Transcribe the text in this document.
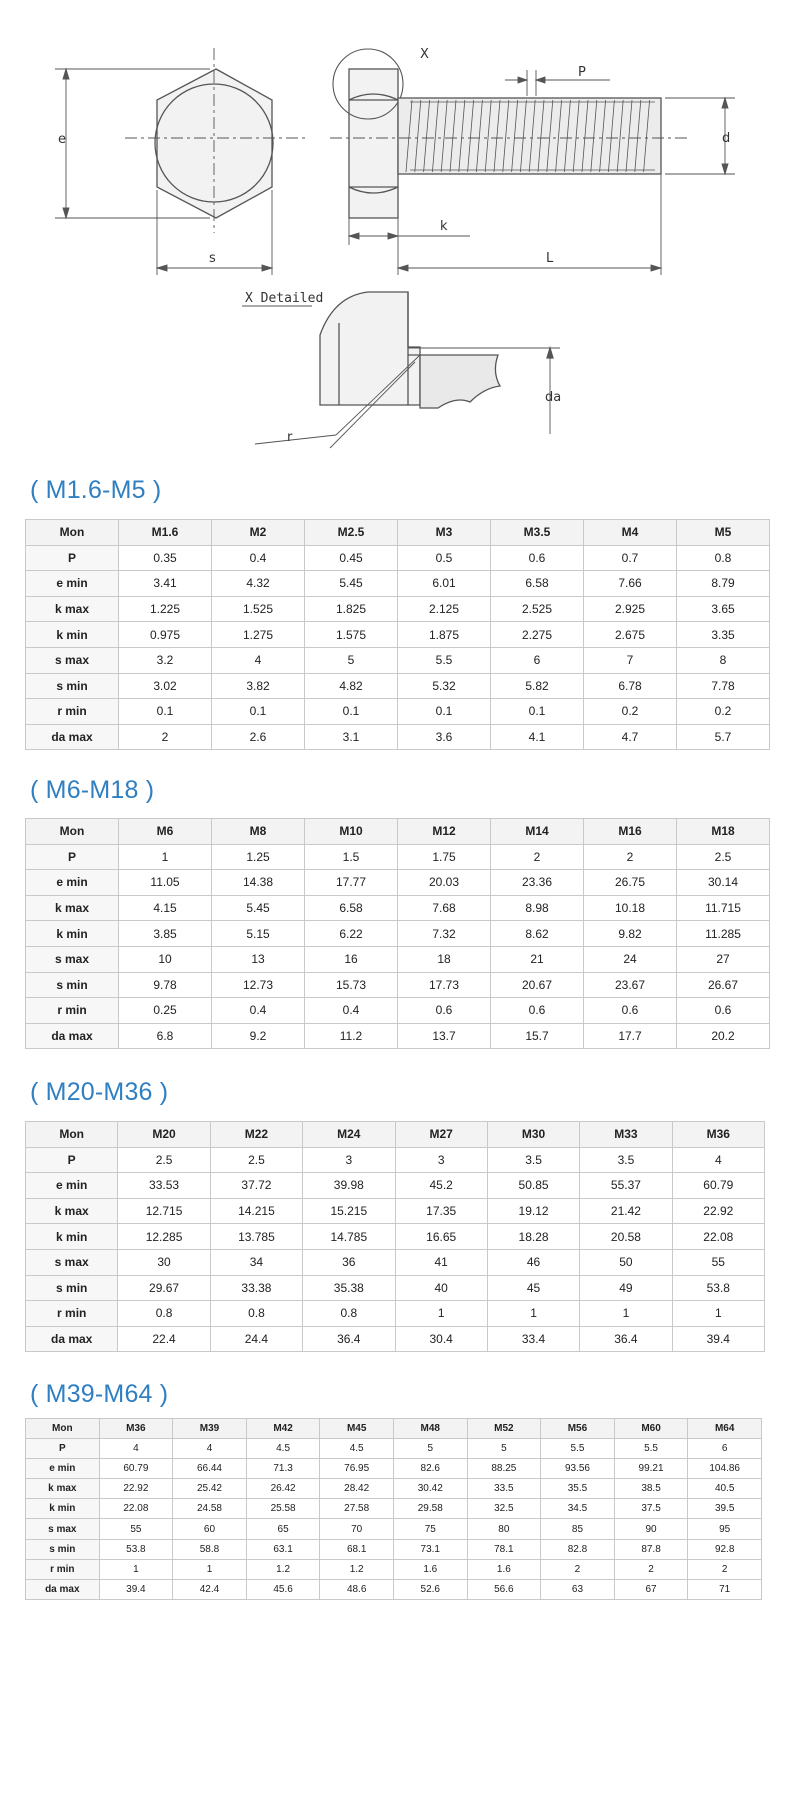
e
s
X
P
d
k
L
X Detailed
da
r
( M1.6-M5 )
Mon	M1.6	M2	M2.5	M3	M3.5	M4	M5
P	0.35	0.4	0.45	0.5	0.6	0.7	0.8
e min	3.41	4.32	5.45	6.01	6.58	7.66	8.79
k max	1.225	1.525	1.825	2.125	2.525	2.925	3.65
k min	0.975	1.275	1.575	1.875	2.275	2.675	3.35
s max	3.2	4	5	5.5	6	7	8
s min	3.02	3.82	4.82	5.32	5.82	6.78	7.78
r min	0.1	0.1	0.1	0.1	0.1	0.2	0.2
da max	2	2.6	3.1	3.6	4.1	4.7	5.7
( M6-M18 )
Mon	M6	M8	M10	M12	M14	M16	M18
P	1	1.25	1.5	1.75	2	2	2.5
e min	11.05	14.38	17.77	20.03	23.36	26.75	30.14
k max	4.15	5.45	6.58	7.68	8.98	10.18	11.715
k min	3.85	5.15	6.22	7.32	8.62	9.82	11.285
s max	10	13	16	18	21	24	27
s min	9.78	12.73	15.73	17.73	20.67	23.67	26.67
r min	0.25	0.4	0.4	0.6	0.6	0.6	0.6
da max	6.8	9.2	11.2	13.7	15.7	17.7	20.2
( M20-M36 )
Mon	M20	M22	M24	M27	M30	M33	M36
P	2.5	2.5	3	3	3.5	3.5	4
e min	33.53	37.72	39.98	45.2	50.85	55.37	60.79
k max	12.715	14.215	15.215	17.35	19.12	21.42	22.92
k min	12.285	13.785	14.785	16.65	18.28	20.58	22.08
s max	30	34	36	41	46	50	55
s min	29.67	33.38	35.38	40	45	49	53.8
r min	0.8	0.8	0.8	1	1	1	1
da max	22.4	24.4	36.4	30.4	33.4	36.4	39.4
( M39-M64 )
Mon	M36	M39	M42	M45	M48	M52	M56	M60	M64
P	4	4	4.5	4.5	5	5	5.5	5.5	6
e min	60.79	66.44	71.3	76.95	82.6	88.25	93.56	99.21	104.86
k max	22.92	25.42	26.42	28.42	30.42	33.5	35.5	38.5	40.5
k min	22.08	24.58	25.58	27.58	29.58	32.5	34.5	37.5	39.5
s max	55	60	65	70	75	80	85	90	95
s min	53.8	58.8	63.1	68.1	73.1	78.1	82.8	87.8	92.8
r min	1	1	1.2	1.2	1.6	1.6	2	2	2
da max	39.4	42.4	45.6	48.6	52.6	56.6	63	67	71
